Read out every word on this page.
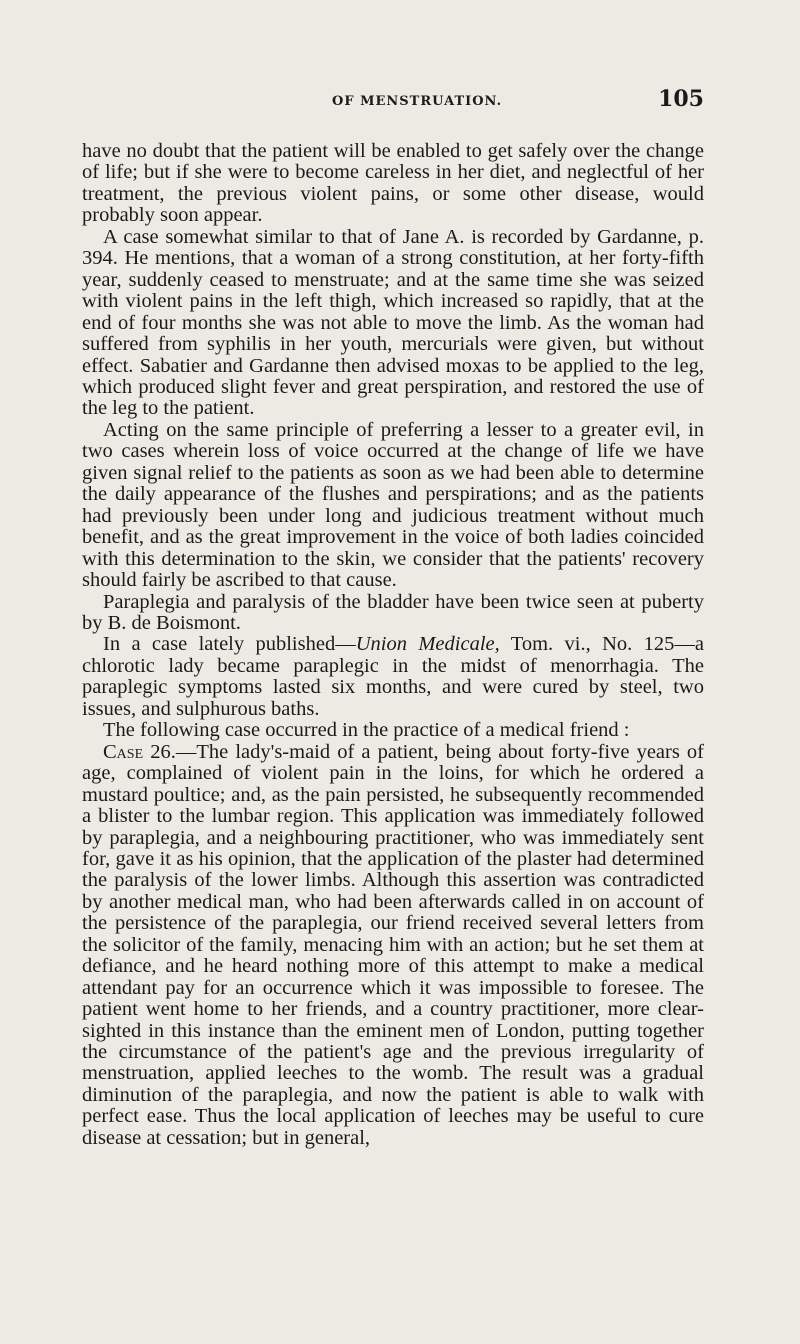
OF MENSTRUATION.	105

have no doubt that the patient will be enabled to get safely over the change of life; but if she were to become careless in her diet, and neglectful of her treatment, the previous violent pains, or some other disease, would probably soon appear.

A case somewhat similar to that of Jane A. is recorded by Gardanne, p. 394. He mentions, that a woman of a strong constitution, at her forty-fifth year, suddenly ceased to menstruate; and at the same time she was seized with violent pains in the left thigh, which increased so rapidly, that at the end of four months she was not able to move the limb. As the woman had suffered from syphilis in her youth, mercurials were given, but without effect. Sabatier and Gardanne then advised moxas to be applied to the leg, which produced slight fever and great perspiration, and restored the use of the leg to the patient.

Acting on the same principle of preferring a lesser to a greater evil, in two cases wherein loss of voice occurred at the change of life we have given signal relief to the patients as soon as we had been able to determine the daily appearance of the flushes and perspirations; and as the patients had previously been under long and judicious treatment without much benefit, and as the great improvement in the voice of both ladies coincided with this determination to the skin, we consider that the patients' recovery should fairly be ascribed to that cause.

Paraplegia and paralysis of the bladder have been twice seen at puberty by B. de Boismont.

In a case lately published—Union Medicale, Tom. vi., No. 125—a chlorotic lady became paraplegic in the midst of menorrhagia. The paraplegic symptoms lasted six months, and were cured by steel, two issues, and sulphurous baths.

The following case occurred in the practice of a medical friend :

Case 26.—The lady's-maid of a patient, being about forty-five years of age, complained of violent pain in the loins, for which he ordered a mustard poultice; and, as the pain persisted, he subsequently recommended a blister to the lumbar region. This application was immediately followed by paraplegia, and a neighbouring practitioner, who was immediately sent for, gave it as his opinion, that the application of the plaster had determined the paralysis of the lower limbs. Although this assertion was contradicted by another medical man, who had been afterwards called in on account of the persistence of the paraplegia, our friend received several letters from the solicitor of the family, menacing him with an action; but he set them at defiance, and he heard nothing more of this attempt to make a medical attendant pay for an occurrence which it was impossible to foresee. The patient went home to her friends, and a country practitioner, more clear-sighted in this instance than the eminent men of London, putting together the circumstance of the patient's age and the previous irregularity of menstruation, applied leeches to the womb. The result was a gradual diminution of the paraplegia, and now the patient is able to walk with perfect ease. Thus the local application of leeches may be useful to cure disease at cessation; but in general,
